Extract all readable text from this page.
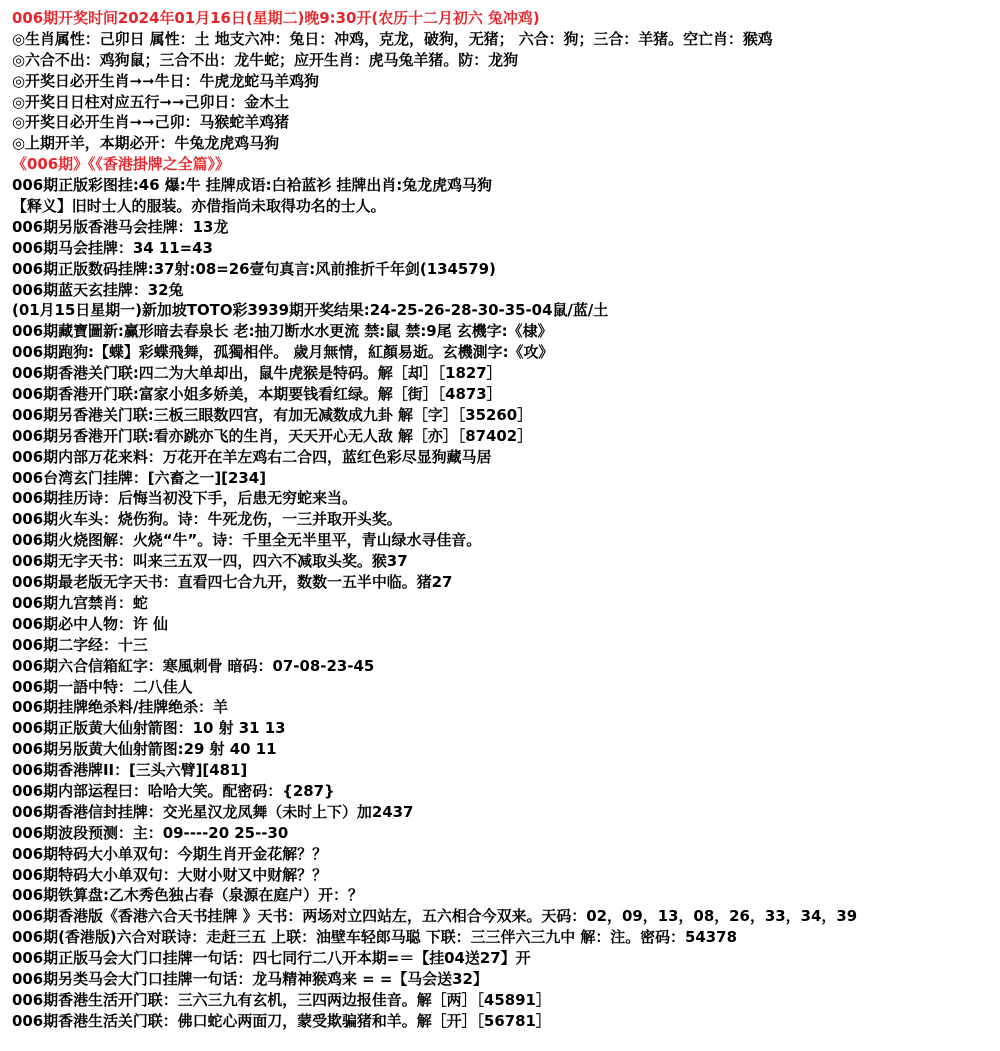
006期开奖时间2024年01月16日(星期二)晚9:30开(农历十二月初六 兔冲鸡)
◎生肖属性：己卯日 属性：土 地支六冲：兔日：冲鸡，克龙，破狗，无猪； 六合：狗；三合：羊猪。空亡肖：猴鸡
◎六合不出：鸡狗鼠；三合不出：龙牛蛇；应开生肖：虎马兔羊猪。防：龙狗
◎开奖日必开生肖➞➞牛日：牛虎龙蛇马羊鸡狗
◎开奖日日柱对应五行➞➞己卯日：金木土
◎开奖日必开生肖➞➞己卯：马猴蛇羊鸡猪
◎上期开羊，本期必开：牛兔龙虎鸡马狗
《006期》《《香港掛牌之全篇》》
006期正版彩图挂:46 爆:牛 挂牌成语:白袷蓝衫 挂牌出肖:兔龙虎鸡马狗
【释义】旧时士人的服装。亦借指尚未取得功名的士人。
006期另版香港马会挂牌：13龙
006期马会挂牌：34 11=43
006期正版数码挂牌:37射:08=26壹句真言:风前推折千年剑(134579)
006期蓝天玄挂牌：32兔
(01月15日星期一)新加坡TOTO彩3939期开奖结果:24-25-26-28-30-35-04鼠/蓝/土
006期藏寶圖新:赢形暗去春泉长 老:抽刀断水水更流 禁:鼠 禁:9尾 玄機字:《棣》
006期跑狗:【蝶】彩蝶飛舞，孤獨相伴。 歲月無情，紅顏易逝。玄機測字:《攻》
006期香港关门联:四二为大单却出，鼠牛虎猴是特码。解［却］［1827］
006期香港开门联:富家小姐多娇美，本期要钱看红绿。解［街］［4873］
006期另香港关门联:三板三眼数四宫，有加无减数成九卦 解［字］［35260］
006期另香港开门联:看亦跳亦飞的生肖，天天开心无人敌 解［亦］［87402］
006期内部万花来料：万花开在羊左鸡右二合四，蓝红色彩尽显狗藏马居
006台湾玄门挂牌：[六畜之一][234]
006期挂历诗：后悔当初没下手，后患无穷蛇来当。
006期火车头：烧伤狗。诗：牛死龙伤，一三并取开头奖。
006期火烧图解：火烧“牛”。诗：千里全无半里平，青山绿水寻佳音。
006期无字天书：叫来三五双一四，四六不减取头奖。猴37
006期最老版无字天书：直看四七合九开，数数一五半中临。猪27
006期九宫禁肖：蛇
006期必中人物：许 仙
006期二字经：十三
006期六合信箱紅字：寒風刺骨 暗码：07-08-23-45
006期一語中特：二八佳人
006期挂牌绝杀料/挂牌绝杀：羊
006期正版黄大仙射箭图：10 射 31 13
006期另版黄大仙射箭图:29 射 40 11
006期香港牌II：[三头六臂][481]
006期内部运程曰：哈哈大笑。配密码：{287}
006期香港信封挂牌：交光星汉龙凤舞（未时上下）加2437
006期波段预测：主：09----20 25--30
006期特码大小单双句：今期生肖开金花解？？
006期特码大小单双句：大财小财又中财解？？
006期铁算盘:乙木秀色独占春（泉源在庭户）开：？
006期香港版《香港六合天书挂牌 》天书：两场对立四站左，五六相合今双来。天码：02，09，13，08，26，33，34，39
006期(香港版)六合对联诗：走赶三五 上联：油壁车轻郎马聪 下联：三三伴六三九中 解：注。密码：54378
006期正版马会大门口挂牌一句话：四七同行二八开本期=＝【挂04送27】开
006期另类马会大门口挂牌一句话：龙马精神猴鸡来 = =【马会送32】
006期香港生活开门联：三六三九有玄机，三四两边报佳音。解［两］［45891］
006期香港生活关门联：佛口蛇心两面刀，蒙受欺骗猪和羊。解［开］［56781］
